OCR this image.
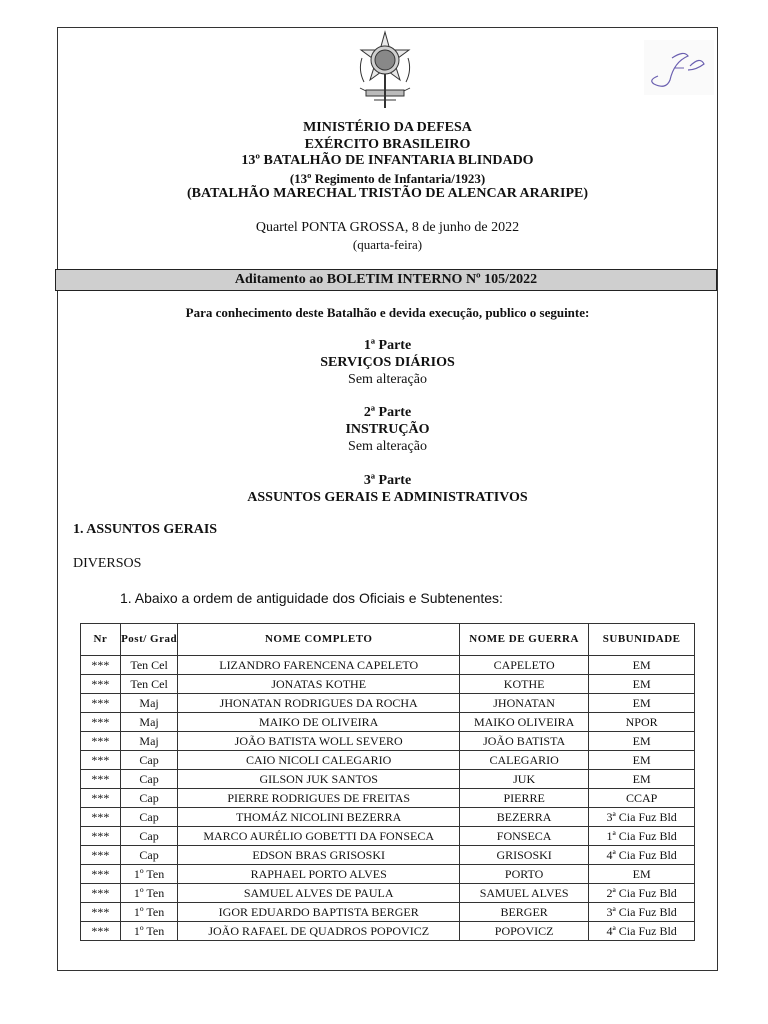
MINISTÉRIO DA DEFESA
EXÉRCITO BRASILEIRO
13º BATALHÃO DE INFANTARIA BLINDADO
(13º Regimento de Infantaria/1923)
(BATALHÃO MARECHAL TRISTÃO DE ALENCAR ARARIPE)
Quartel PONTA GROSSA, 8 de junho de 2022
(quarta-feira)
Aditamento ao BOLETIM INTERNO Nº 105/2022
Para conhecimento deste Batalhão e devida execução, publico o seguinte:
1ª Parte
SERVIÇOS DIÁRIOS
Sem alteração
2ª Parte
INSTRUÇÃO
Sem alteração
3ª Parte
ASSUNTOS GERAIS E ADMINISTRATIVOS
1. ASSUNTOS GERAIS
DIVERSOS
1. Abaixo a ordem de antiguidade dos Oficiais e Subtenentes:
Nr	Post/ Grad	NOME COMPLETO	NOME DE GUERRA	SUBUNIDADE
***	Ten Cel	LIZANDRO FARENCENA CAPELETO	CAPELETO	EM
***	Ten Cel	JONATAS KOTHE	KOTHE	EM
***	Maj	JHONATAN RODRIGUES DA ROCHA	JHONATAN	EM
***	Maj	MAIKO DE OLIVEIRA	MAIKO OLIVEIRA	NPOR
***	Maj	JOÃO BATISTA WOLL SEVERO	JOÃO BATISTA	EM
***	Cap	CAIO NICOLI CALEGARIO	CALEGARIO	EM
***	Cap	GILSON JUK SANTOS	JUK	EM
***	Cap	PIERRE RODRIGUES DE FREITAS	PIERRE	CCAP
***	Cap	THOMÁZ NICOLINI BEZERRA	BEZERRA	3ª Cia Fuz Bld
***	Cap	MARCO AURÉLIO GOBETTI DA FONSECA	FONSECA	1ª Cia Fuz Bld
***	Cap	EDSON BRAS GRISOSKI	GRISOSKI	4ª Cia Fuz Bld
***	1º Ten	RAPHAEL PORTO ALVES	PORTO	EM
***	1º Ten	SAMUEL ALVES DE PAULA	SAMUEL ALVES	2ª Cia Fuz Bld
***	1º Ten	IGOR EDUARDO BAPTISTA BERGER	BERGER	3ª Cia Fuz Bld
***	1º Ten	JOÃO RAFAEL DE QUADROS POPOVICZ	POPOVICZ	4ª Cia Fuz Bld
